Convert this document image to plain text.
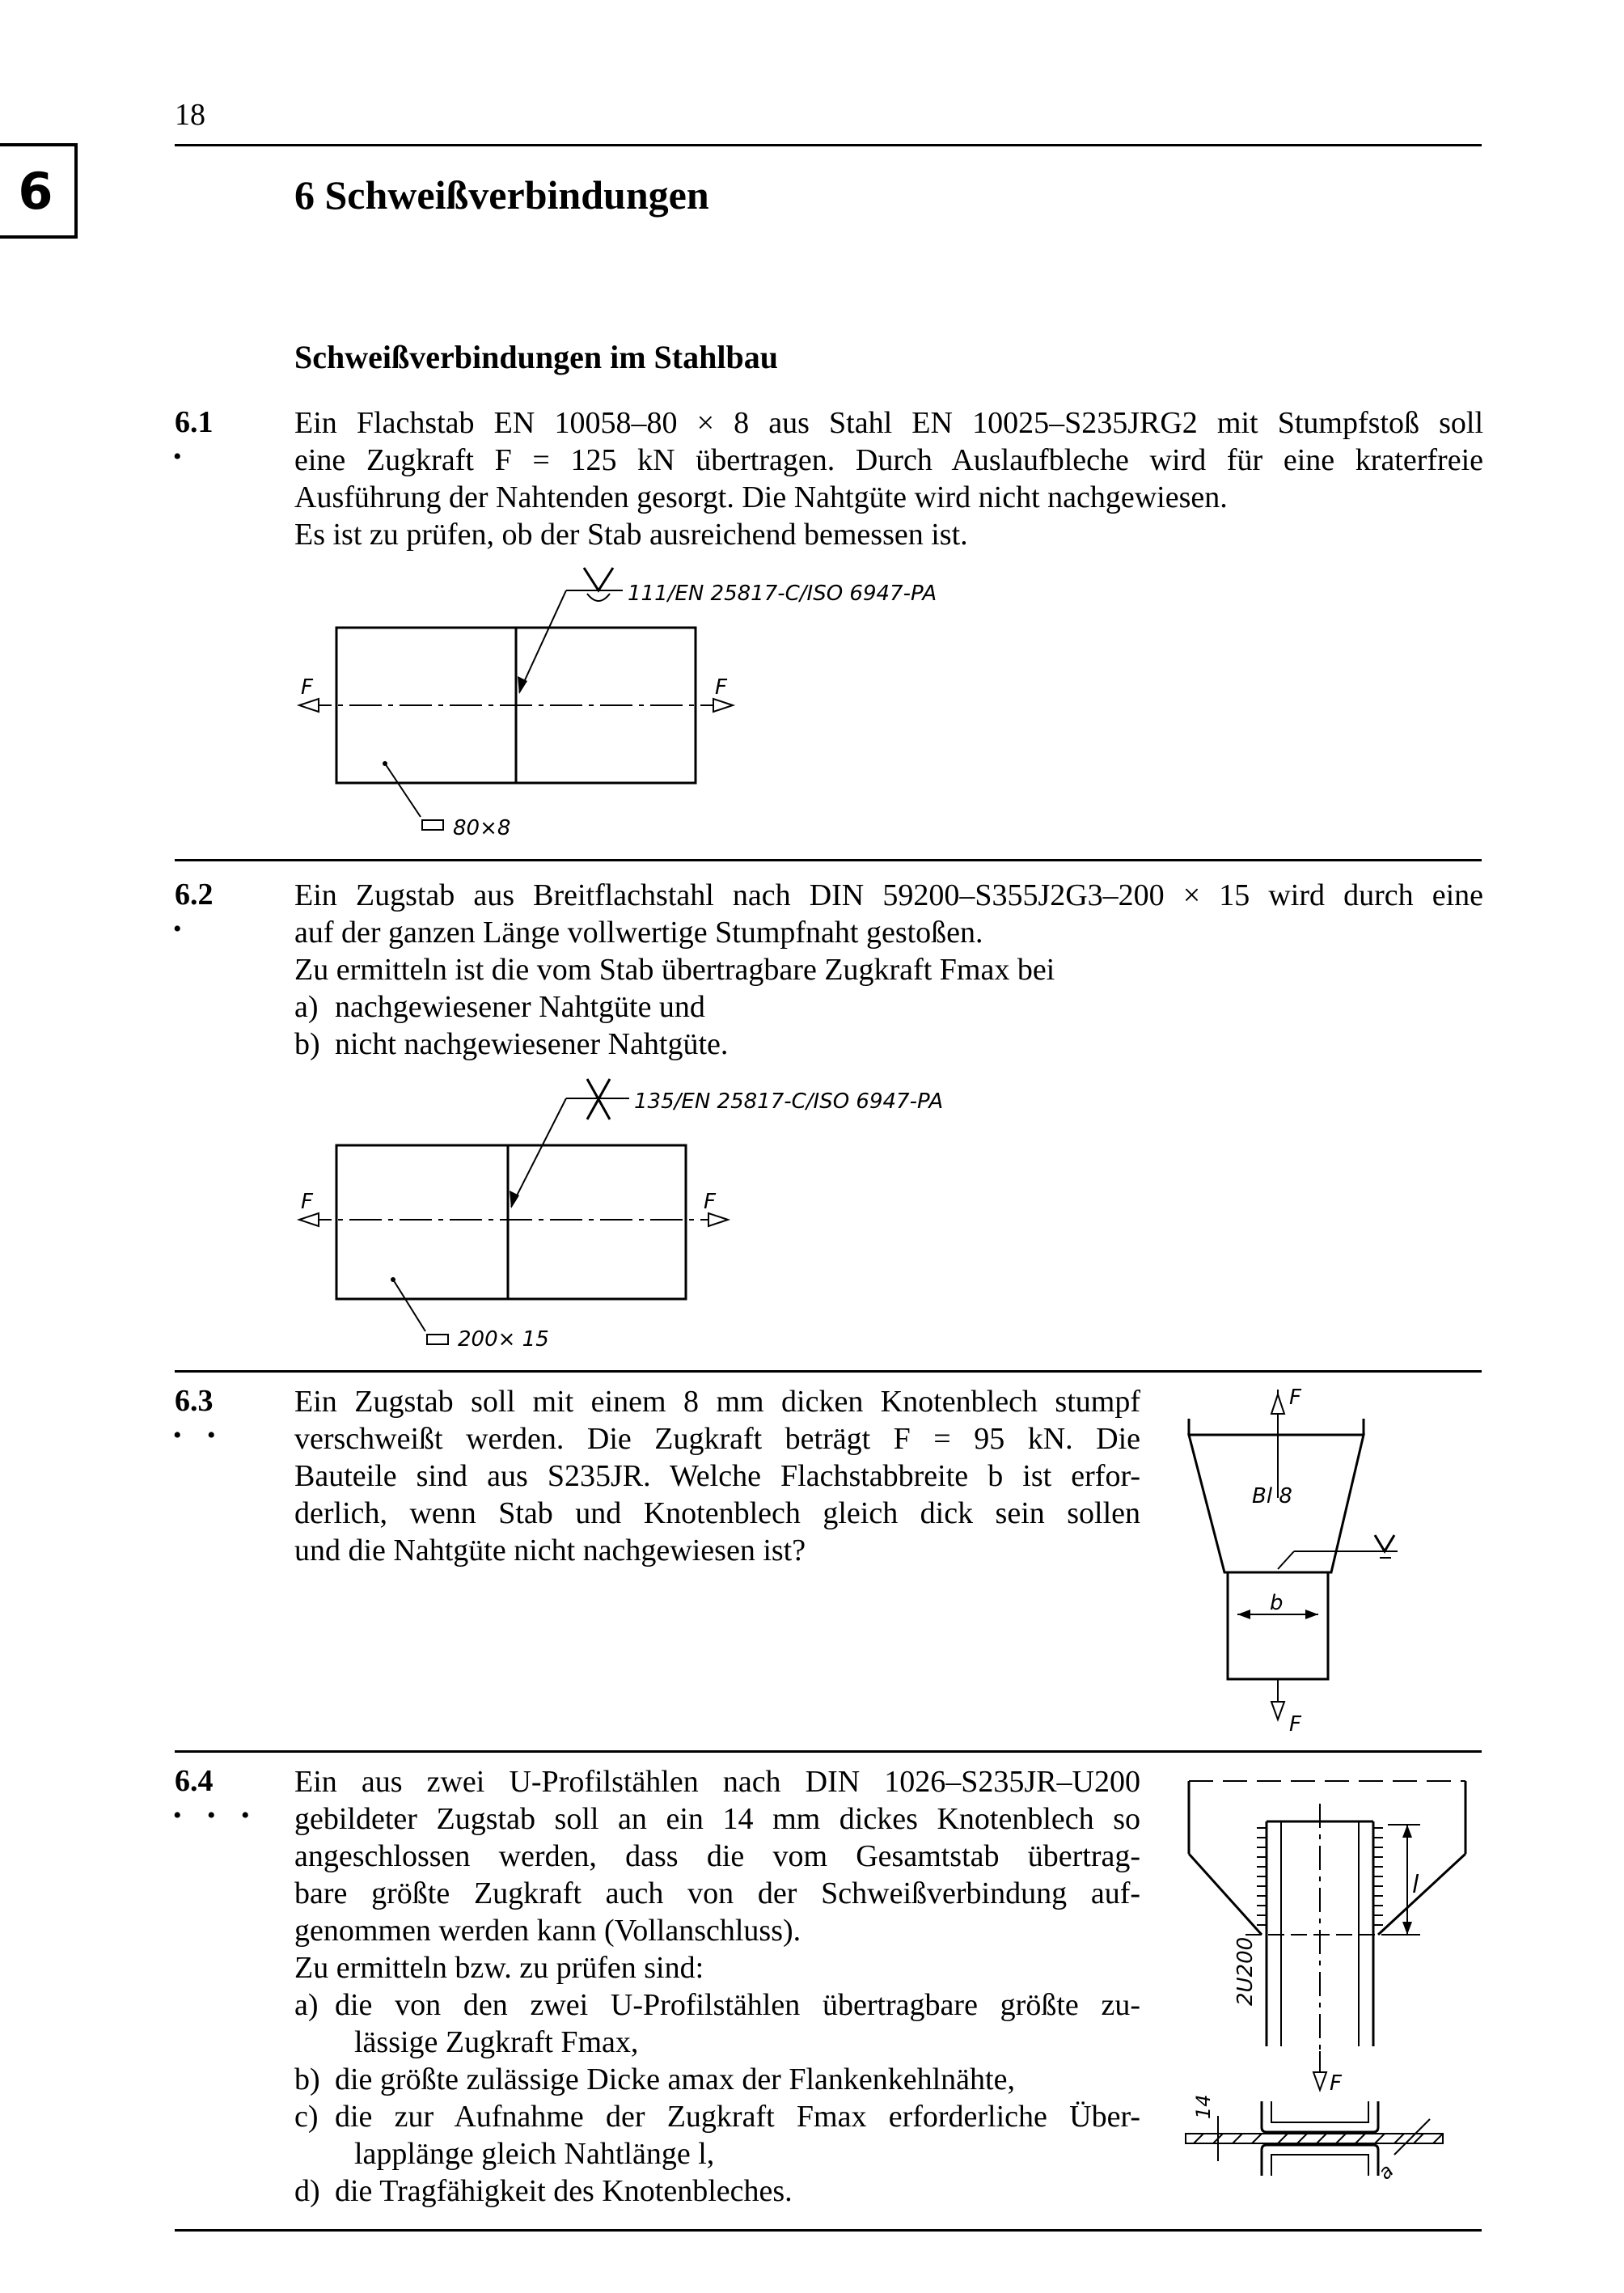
18
6	6 Schweißverbindungen
Schweißverbindungen im Stahlbau
6.1
•

Ein Flachstab EN 10058–80 × 8 aus Stahl EN 10025–S235JRG2 mit Stumpfstoß soll

eine Zugkraft F = 125 kN übertragen. Durch Auslaufbleche wird für eine kraterfreie

Ausführung der Nahtenden gesorgt. Die Nahtgüte wird nicht nachgewiesen.

Es ist zu prüfen, ob der Stab ausreichend bemessen ist.

111/EN 25817-C/ISO 6947-PA
F	F
80×8
6.2
•

Ein Zugstab aus Breitflachstahl nach DIN 59200–S355J2G3–200 × 15 wird durch eine

auf der ganzen Länge vollwertige Stumpfnaht gestoßen.

Zu ermitteln ist die vom Stab übertragbare Zugkraft Fmax bei

a) nachgewiesener Nahtgüte und
b) nicht nachgewiesener Nahtgüte.
135/EN 25817-C/ISO 6947-PA
F	F
200× 15
6.3
• •

Ein Zugstab soll mit einem 8 mm dicken Knotenblech stumpf

verschweißt werden. Die Zugkraft beträgt F = 95 kN. Die

Bauteile sind aus S235JR. Welche Flachstabbreite b ist erfor-

derlich, wenn Stab und Knotenblech gleich dick sein sollen

und die Nahtgüte nicht nachgewiesen ist?

F
F
Bl 8
b
6.4
• • •

Ein aus zwei U-Profilstählen nach DIN 1026–S235JR–U200

gebildeter Zugstab soll an ein 14 mm dickes Knotenblech so

angeschlossen werden, dass die vom Gesamtstab übertrag-

bare größte Zugkraft auch von der Schweißverbindung auf-

genommen werden kann (Vollanschluss).

Zu ermitteln bzw. zu prüfen sind:

a) die von den zwei U-Profilstählen übertragbare größte zu-
lässige Zugkraft Fmax,
b) die größte zulässige Dicke amax der Flankenkehlnähte,
c) die zur Aufnahme der Zugkraft Fmax erforderliche Über-
lapplänge gleich Nahtlänge l,
d) die Tragfähigkeit des Knotenbleches.
l
2U200
F
14
a
